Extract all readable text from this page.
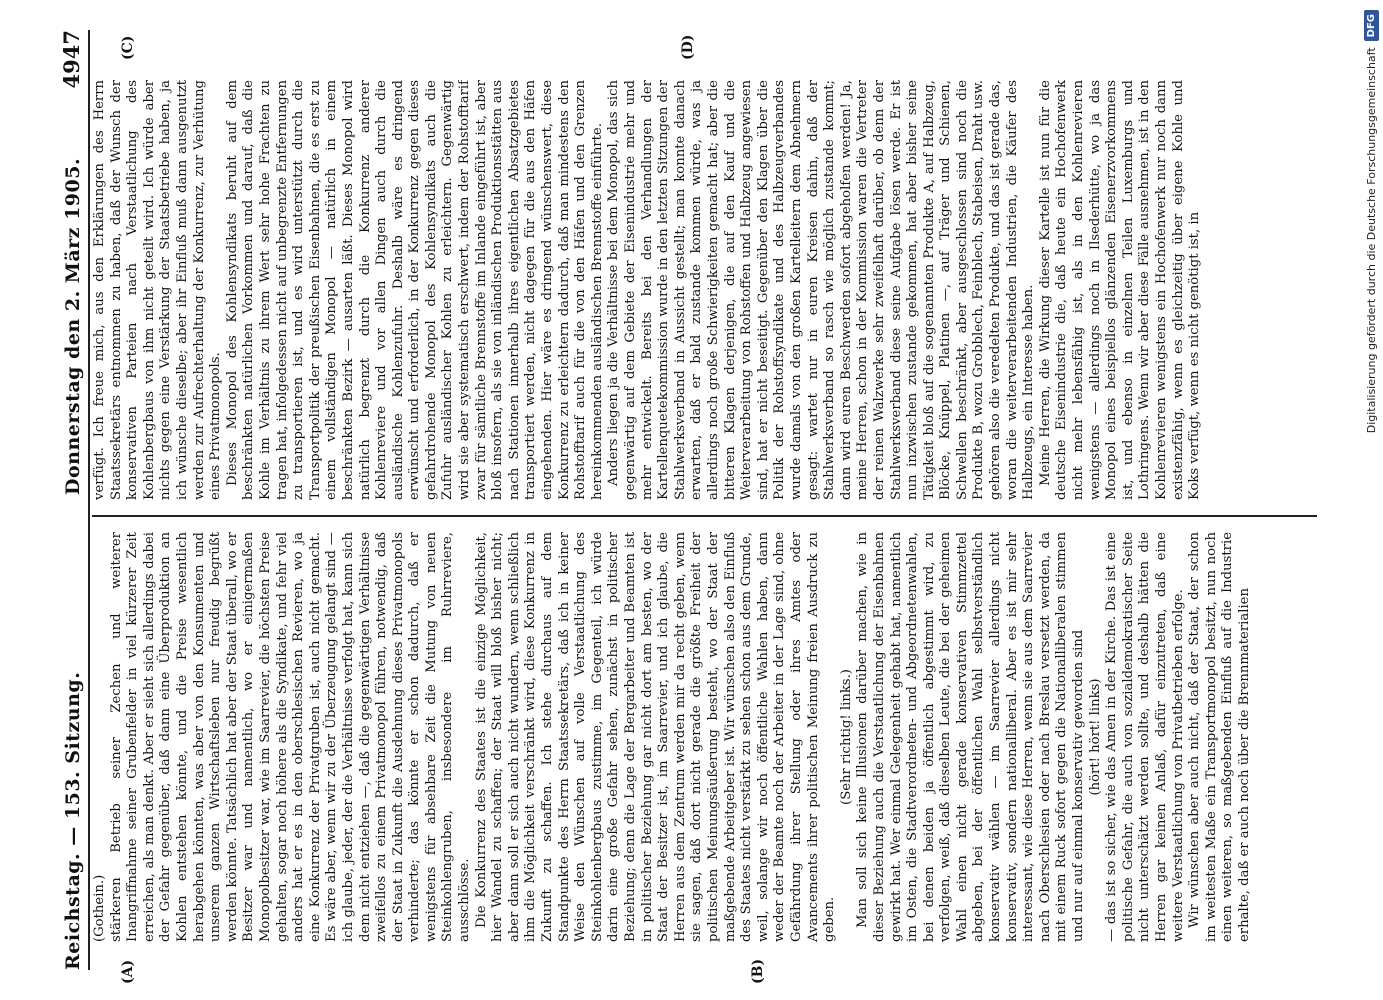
Reichstag. — 153. Sitzung.
Donnerstag den 2. März 1905.
4947
(A)	(B)
(C)	(D)

(Gothein.) stärkeren Betrieb seiner Zechen und weiterer Inangriffnahme seiner Grubenfelder in viel kürzerer Zeit erreichen, als man denkt. Aber er sieht sich allerdings dabei der Gefahr gegenüber, daß dann eine Überproduktion an Kohlen entstehen könnte, und die Preise wesentlich herabgehen könnten, was aber von den Konsumenten und unserem ganzen Wirtschaftsleben nur freudig begrüßt werden könnte. Tatsächlich hat aber der Staat überall, wo er Besitzer war und namentlich, wo er einigermaßen Monopolbesitzer war, wie im Saarrevier, die höchsten Preise gehalten, sogar noch höhere als die Syndikate, und fehr viel anders hat er es in den oberschlesischen Revieren, wo ja eine Konkurrenz der Privatgruben ist, auch nicht gemacht. Es wäre aber, wenn wir zu der Überzeugung gelangt sind — ich glaube, jeder, der die Verhältnisse verfolgt hat, kann sich dem nicht entziehen —, daß die gegenwärtigen Verhältnisse zweifellos zu einem Privatmonopol führen, notwendig, daß der Staat in Zukunft die Ausdehnung dieses Privatmonopols verhinderte; das könnte er schon dadurch, daß er wenigstens für absehbare Zeit die Mutung von neuen Steinkohlengruben, insbesondere im Ruhrreviere, ausschlösse. Die Konkurrenz des Staates ist die einzige Möglichkeit, hier Wandel zu schaffen; der Staat will bloß bisher nicht; aber dann soll er sich auch nicht wundern, wenn schließlich ihm die Möglichkeit verschränkt wird, diese Konkurrenz in Zukunft zu schaffen. Ich stehe durchaus auf dem Standpunkte des Herrn Staatssekretärs, daß ich in keiner Weise den Wünschen auf volle Verstaatlichung des Steinkohlenbergbaus zustimme, im Gegenteil, ich würde darin eine große Gefahr sehen, zunächst in politischer Beziehung; denn die Lage der Bergarbeiter und Beamten ist in politischer Beziehung gar nicht dort am besten, wo der Staat der Besitzer ist, im Saarrevier, und ich glaube, die Herren aus dem Zentrum werden mir da recht geben, wenn sie sagen, daß dort nicht gerade die größte Freiheit der politischen Meinungsäußerung besteht, wo der Staat der maßgebende Arbeitgeber ist. Wir wünschen also den Einfluß des Staates nicht verstärkt zu sehen schon aus dem Grunde, weil, solange wir noch öffentliche Wahlen haben, dann weder der Beamte noch der Arbeiter in der Lage sind, ohne Gefährdung ihrer Stellung oder ihres Amtes oder Avancements ihrer politischen Meinung freien Ausdruck zu geben.

(Sehr richtig! links.) Man soll sich keine Illusionen darüber machen, wie in dieser Beziehung auch die Verstaatlichung der Eisenbahnen gewirkt hat. Wer einmal Gelegenheit gehabt hat, namentlich im Osten, die Stadtverordneten- und Abgeordnetenwahlen, bei denen beiden ja öffentlich abgestimmt wird, zu verfolgen, weiß, daß dieselben Leute, die bei der geheimen Wahl einen nicht gerade konservativen Stimmzettel abgeben, bei der öffentlichen Wahl selbstverständlich konservativ wählen — im Saarrevier allerdings nicht konservativ, sondern nationalliberal. Aber es ist mir sehr interessant, wie diese Herren, wenn sie aus dem Saarrevier nach Oberschlesien oder nach Breslau versetzt werden, da mit einem Ruck sofort gegen die Nationalliberalen stimmen und nur auf einmal konservativ geworden sind (hört! hört! links) — das ist so sicher, wie das Amen in der Kirche. Das ist eine politische Gefahr, die auch von sozialdemokratischer Seite nicht unterschätzt werden sollte, und deshalb hätten die Herren gar keinen Anlaß, dafür einzutreten, daß eine weitere Verstaatlichung von Privatbetrieben erfolge. Wir wünschen aber auch nicht, daß der Staat, der schon im weitesten Maße ein Transportmonopol besitzt, nun noch einen weiteren, so maßgebenden Einfluß auf die Industrie erhalte, daß er auch noch über die Brennmaterialien

verfügt. Ich freue mich, aus den Erklärungen des Herrn Staatssekretärs entnommen zu haben, daß der Wunsch der konservativen Parteien nach Verstaatlichung des Kohlenbergbaus von ihm nicht geteilt wird. Ich würde aber nichts gegen eine Verstärkung der Staatsbetriebe haben, ja ich wünsche dieselbe; aber ihr Einfluß muß dann ausgenutzt werden zur Aufrechterhaltung der Konkurrenz, zur Verhütung eines Privatmonopols. Dieses Monopol des Kohlensyndikats beruht auf dem beschränkten natürlichen Vorkommen und darauf, daß die Kohle im Verhältnis zu ihrem Wert sehr hohe Frachten zu tragen hat, infolgedessen nicht auf unbegrenzte Entfernungen zu transportieren ist, und es wird unterstützt durch die Transportpolitik der preußischen Eisenbahnen, die es erst zu einem vollständigen Monopol — natürlich in einem beschränkten Bezirk — ausarten läßt. Dieses Monopol wird natürlich begrenzt durch die Konkurrenz anderer Kohlenreviere und vor allen Dingen auch durch die ausländische Kohlenzufuhr. Deshalb wäre es dringend erwünscht und erforderlich, in der Konkurrenz gegen dieses gefahrdrohende Monopol des Kohlensyndikats auch die Zufuhr ausländischer Kohlen zu erleichtern. Gegenwärtig wird sie aber systematisch erschwert, indem der Rohstofftarif zwar für sämtliche Brennstoffe im Inlande eingeführt ist, aber bloß insofern, als sie von inländischen Produktionsstätten aus nach Stationen innerhalb ihres eigentlichen Absatzgebietes transportiert werden, nicht dagegen für die aus den Häfen eingehenden. Hier wäre es dringend wünschenswert, diese Konkurrenz zu erleichtern dadurch, daß man mindestens den Rohstofftarif auch für die von den Häfen und den Grenzen hereinkommenden ausländischen Brennstoffe einführte. Anders liegen ja die Verhältnisse bei dem Monopol, das sich gegenwärtig auf dem Gebiete der Eisenindustrie mehr und mehr entwickelt. Bereits bei den Verhandlungen der Kartellenquetekommission wurde in den letzten Sitzungen der Stahlwerksverband in Aussicht gestellt; man konnte danach erwarten, daß er bald zustande kommen würde, was ja allerdings noch große Schwierigkeiten gemacht hat; aber die bitteren Klagen derjenigen, die auf den Kauf und die Weiterverarbeitung von Rohstoffen und Halbzeug angewiesen sind, hat er nicht beseitigt. Gegenüber den Klagen über die Politik der Rohstoffsyndikate und des Halbzeugverbandes wurde damals von den großen Kartelleitern dem Abnehmern gesagt: wartet nur in euren Kreisen dahin, daß der Stahlwerksverband so rasch wie möglich zustande kommt; dann wird euren Beschwerden sofort abgeholfen werden! Ja, meine Herren, schon in der Kommission waren die Vertreter der reinen Walzwerke sehr zweifelhaft darüber, ob denn der Stahlwerksverband diese seine Aufgabe lösen werde. Er ist nun inzwischen zustande gekommen, hat aber bisher seine Tätigkeit bloß auf die sogenannten Produkte A, auf Halbzeug, Blöcke, Knüppel, Platinen —, auf Träger und Schienen, Schwellen beschränkt, aber ausgeschlossen sind noch die Produkte B, wozu Grobblech, Feinblech, Stabeisen, Draht usw. gehören also die veredelten Produkte, und das ist gerade das, woran die weiterverarbeitenden Industrien, die Käufer des Halbzeugs, ein Interesse haben. Meine Herren, die Wirkung dieser Kartelle ist nun für die deutsche Eisenindustrie die, daß heute ein Hochofenwerk nicht mehr lebensfähig ist, als in den Kohlenrevieren wenigstens — allerdings noch in Ilsederhütte, wo ja das Monopol eines beispiellos glänzenden Eisenerzvorkommens ist, und ebenso in einzelnen Teilen Luxemburgs und Lothringens. Wenn wir aber diese Fälle ausnehmen, ist in den Kohlenrevieren wenigstens ein Hochofenwerk nur noch dann existenzfähig, wenn es gleichzeitig über eigene Kohle und Koks verfügt, wenn es nicht genötigt ist, in	Digitalisierung gefördert durch die Deutsche Forschungsgemeinschaft
DFG
